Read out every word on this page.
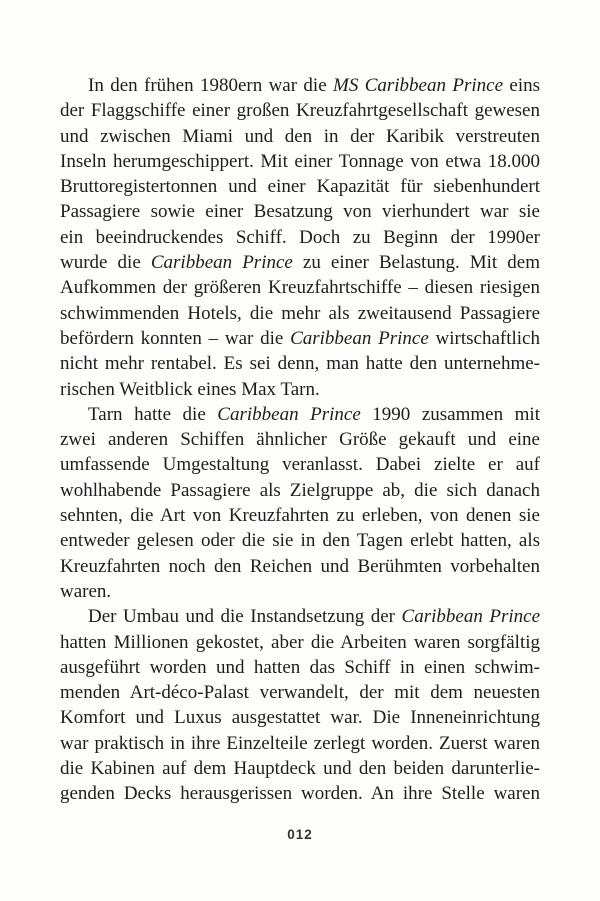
In den frühen 1980ern war die MS Caribbean Prince eins
der Flaggschiffe einer großen Kreuzfahrtgesellschaft gewesen
und zwischen Miami und den in der Karibik verstreuten
Inseln herumgeschippert. Mit einer Tonnage von etwa 18.000
Bruttoregistertonnen und einer Kapazität für siebenhundert
Passagiere sowie einer Besatzung von vierhundert war sie
ein beeindruckendes Schiff. Doch zu Beginn der 1990er
wurde die Caribbean Prince zu einer Belastung. Mit dem
Aufkommen der größeren Kreuzfahrtschiffe – diesen riesigen
schwimmenden Hotels, die mehr als zweitausend Passagiere
befördern konnten – war die Caribbean Prince wirtschaftlich
nicht mehr rentabel. Es sei denn, man hatte den unternehme-
rischen Weitblick eines Max Tarn.
Tarn hatte die Caribbean Prince 1990 zusammen mit
zwei anderen Schiffen ähnlicher Größe gekauft und eine
umfassende Umgestaltung veranlasst. Dabei zielte er auf
wohlhabende Passagiere als Zielgruppe ab, die sich danach
sehnten, die Art von Kreuzfahrten zu erleben, von denen sie
entweder gelesen oder die sie in den Tagen erlebt hatten, als
Kreuzfahrten noch den Reichen und Berühmten vorbehalten
waren.
Der Umbau und die Instandsetzung der Caribbean Prince
hatten Millionen gekostet, aber die Arbeiten waren sorgfältig
ausgeführt worden und hatten das Schiff in einen schwim-
menden Art-déco-Palast verwandelt, der mit dem neuesten
Komfort und Luxus ausgestattet war. Die Inneneinrichtung
war praktisch in ihre Einzelteile zerlegt worden. Zuerst waren
die Kabinen auf dem Hauptdeck und den beiden darunterlie-
genden Decks herausgerissen worden. An ihre Stelle waren
012
